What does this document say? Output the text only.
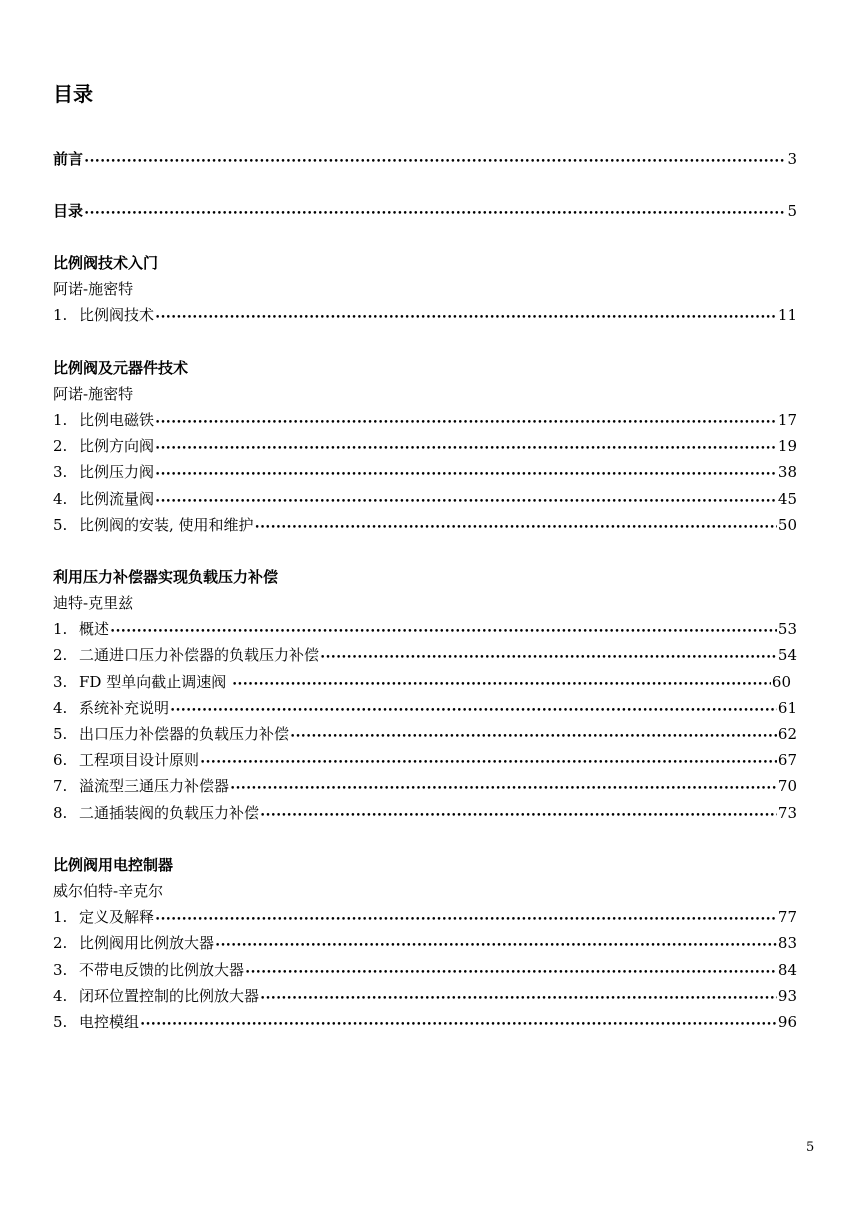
目录
前言 •••••	3
目录 •••••	5
比例阀技术入门
阿诺-施密特
1. 比例阀技术 •••••	11
比例阀及元器件技术
阿诺-施密特
1. 比例电磁铁 •••••	17
2. 比例方向阀 •••••	19
3. 比例压力阀 •••••	38
4. 比例流量阀 •••••	45
5. 比例阀的安装, 使用和维护 •••••	50
利用压力补偿器实现负载压力补偿
迪特-克里兹
1. 概述 •••••	53
2. 二通进口压力补偿器的负载压力补偿 •••••	54
3. FD 型单向截止调速阀 •••••	60
4. 系统补充说明 •••••	61
5. 出口压力补偿器的负载压力补偿 •••••	62
6. 工程项目设计原则 •••••	67
7. 溢流型三通压力补偿器 •••••	70
8. 二通插装阀的负载压力补偿 •••••	73
比例阀用电控制器
威尔伯特-辛克尔
1. 定义及解释 •••••	77
2. 比例阀用比例放大器 •••••	83
3. 不带电反馈的比例放大器 •••••	84
4. 闭环位置控制的比例放大器 •••••	93
5. 电控模组 •••••	96
5
